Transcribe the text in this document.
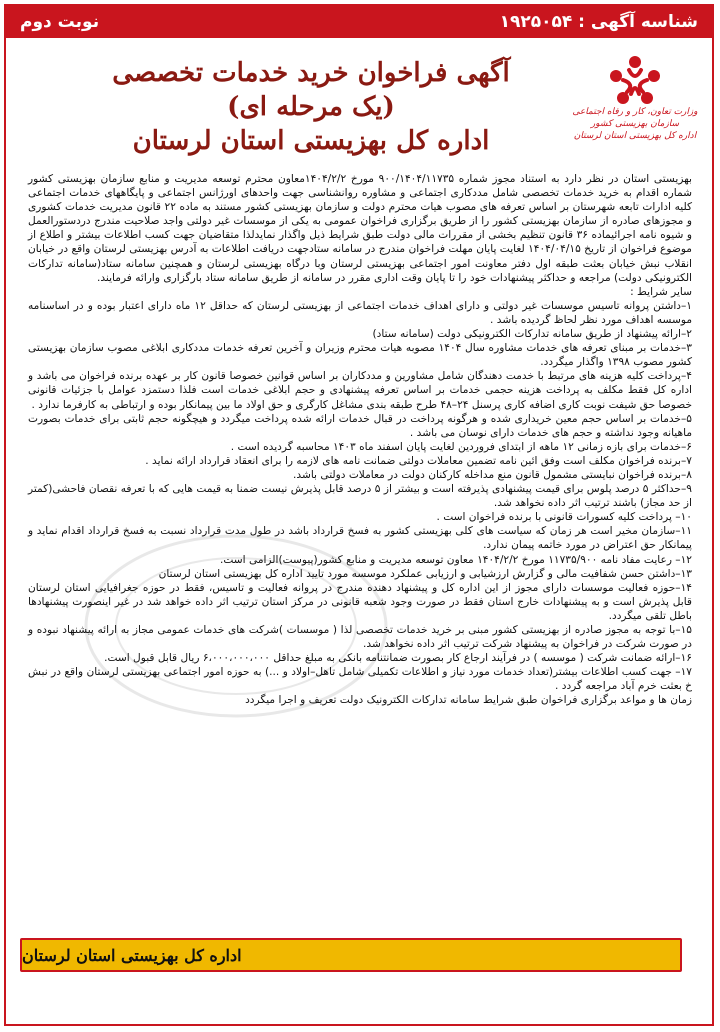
شناسه آگهی : ۱۹۲۵۰۵۴
نوبت دوم
وزارت تعاون، کار و رفاه اجتماعی
سازمان بهزیستی کشور
اداره کل بهزیستی استان لرستان
آگهی فراخوان خرید خدمات تخصصی
(یک مرحله ای)
اداره کل بهزیستی استان لرستان

بهزیستی استان در نظر دارد به استناد مجوز شماره ۹۰۰/۱۴۰۴/۱۱۷۳۵ مورخ ۱۴۰۴/۲/۲معاون محترم توسعه مدیریت و منابع سازمان بهزیستی کشور شماره اقدام به خرید خدمات تخصصی شامل مددکاری اجتماعی و مشاوره روانشناسی جهت واحدهای اورژانس اجتماعی و پایگاههای خدمات اجتماعی کلیه ادارات تابعه شهرستان بر اساس تعرفه های مصوب هیات محترم دولت و سازمان بهزیستی کشور مستند به ماده ۲۲ قانون مدیریت خدمات کشوری و مجوزهای صادره از سازمان بهزیستی کشور را از طریق برگزاری فراخوان عمومی به یکی از موسسات غیر دولتی واجد صلاحیت مندرج دردستورالعمل و شیوه نامه اجرائیماده ۳۶ قانون تنظیم بخشی از مقررات مالی دولت طبق شرایط ذیل واگذار نمایدلذا متقاضیان جهت کسب اطلاعات بیشتر و اطلاع از موضوع فراخوان از تاریخ ۱۴۰۴/۰۴/۱۵ لغایت پایان مهلت فراخوان مندرج در سامانه ستادجهت دریافت اطلاعات به آدرس بهزیستی لرستان واقع در خیابان انقلاب نبش خیابان بعثت طبقه اول دفتر معاونت امور اجتماعی بهزیستی لرستان وبا درگاه بهزیستی لرستان و همچنین سامانه ستاد(سامانه تدارکات الکترونیکی دولت) مراجعه و حداکثر پیشنهادات خود را تا پایان وقت اداری مقرر در سامانه از طریق سامانه ستاد بارگزاری وارائه فرمایند.

سایر شرایط :

۱–داشتن پروانه تاسیس موسسات غیر دولتی و دارای اهداف خدمات اجتماعی از بهزیستی لرستان که حداقل ۱۲ ماه دارای اعتبار بوده و در اساسنامه موسسه اهداف مورد نظر لحاظ گردیده باشد .

۲–ارائه پیشنهاد از طریق سامانه تدارکات الکترونیکی دولت (سامانه ستاد)

۳–خدمات بر مبنای تعرفه های خدمات مشاوره سال ۱۴۰۴ مصوبه هیات محترم وزیران و آخرین تعرفه خدمات مددکاری ابلاغی مصوب سازمان بهزیستی کشور مصوب ۱۳۹۸ واگذار میگردد.

۴–پرداخت کلیه هزینه های مرتبط با خدمت دهندگان شامل مشاورین و مددکاران بر اساس قوانین خصوصا قانون کار بر عهده برنده فراخوان می باشد و اداره کل فقط مکلف به پرداخت هزینه حجمی خدمات بر اساس تعرفه پیشنهادی و حجم ابلاغی خدمات است فلذا دستمزد عوامل با جزئیات قانونی خصوصا حق شیفت نوبت کاری اضافه کاری پرسنل ۲۴–۴۸ طرح طبقه بندی مشاغل کارگری و حق اولاد ما بین پیمانکار بوده و ارتباطی به کارفرما ندارد .

۵–خدمات بر اساس حجم معین خریداری شده و هرگونه پرداخت در قبال خدمات ارائه شده پرداخت میگردد و هیچگونه حجم ثابتی برای خدمات بصورت ماهیانه وجود نداشته و حجم های خدمات دارای نوسان می باشد .

۶–خدمات برای بازه زمانی ۱۲ ماهه از ابتدای فروردین لغایت پایان اسفند ماه ۱۴۰۳ محاسبه گردیده است .

۷–برنده فراخوان مکلف است وفق ائین نامه تضمین معاملات دولتی ضمانت نامه های لازمه را برای انعقاد قرارداد ارائه نماید .

۸–برنده فراخوان نبایستی مشمول قانون منع مداخله کارکنان دولت در معاملات دولتی باشد.

۹–حداکثر ۵ درصد پلوس برای قیمت پیشنهادی پذیرفته است و بیشتر از ۵ درصد قابل پذیرش نیست ضمنا به قیمت هایی که با تعرفه نقصان فاحشی(کمتر از حد مجاز) باشند ترتیب اثر داده نخواهد شد.

۱۰– پرداخت کلیه کسورات قانونی با برنده فراخوان است .

۱۱–سازمان مخیر است هر زمان که سیاست های کلی بهزیستی کشور به فسخ قرارداد باشد در طول مدت قرارداد نسبت به فسخ قرارداد اقدام نماید و پیمانکار حق اعتراض در مورد خاتمه پیمان ندارد.

۱۲– رعایت مفاد نامه ۱۱۷۳۵/۹۰۰ مورخ ۱۴۰۴/۲/۲ معاون توسعه مدیریت و منابع کشور(پیوست)الزامی است.

۱۳–داشتن حسن شفافیت مالی و گزارش ارزشیابی و ارزیابی عملکرد موسسه مورد تایید اداره کل بهزیستی استان لرستان

۱۴–حوزه فعالیت موسسات دارای مجوز از این اداره کل و پیشنهاد دهنده مندرج در پروانه فعالیت و تاسیس، فقط در حوزه جغرافیایی استان لرستان قابل پذیرش است و به پیشنهادات خارج استان فقط در صورت وجود شعبه قانونی در مرکز استان ترتیب اثر داده خواهد شد در غیر اینصورت پیشنهادها باطل تلقی میگردد.

۱۵–با توجه به مجوز صادره از بهزیستی کشور مبنی بر خرید خدمات تخصصی لذا ( موسسات )شرکت های خدمات عمومی مجاز به ارائه پیشنهاد نبوده و در صورت شرکت در فراخوان به پیشنهاد شرکت ترتیب اثر داده نخواهد شد.

۱۶–ارائه ضمانت شرکت ( موسسه ) در فرآیند ارجاع کار بصورت ضمانتنامه بانکی به مبلغ حداقل ۶،۰۰۰،۰۰۰،۰۰۰ ریال قابل قبول است.

۱۷– جهت کسب اطلاعات بیشتر(تعداد خدمات مورد نیاز و اطلاعات تکمیلی شامل تاهل–اولاد و ...) به حوزه امور اجتماعی بهزیستی لرستان واقع در نبش خ بعثت خرم آباد مراجعه گردد .

زمان ها و مواعد برگزاری فراخوان طبق شرایط سامانه تدارکات الکترونیک دولت تعریف و اجرا میگردد

اداره کل بهزیستی استان لرستان
